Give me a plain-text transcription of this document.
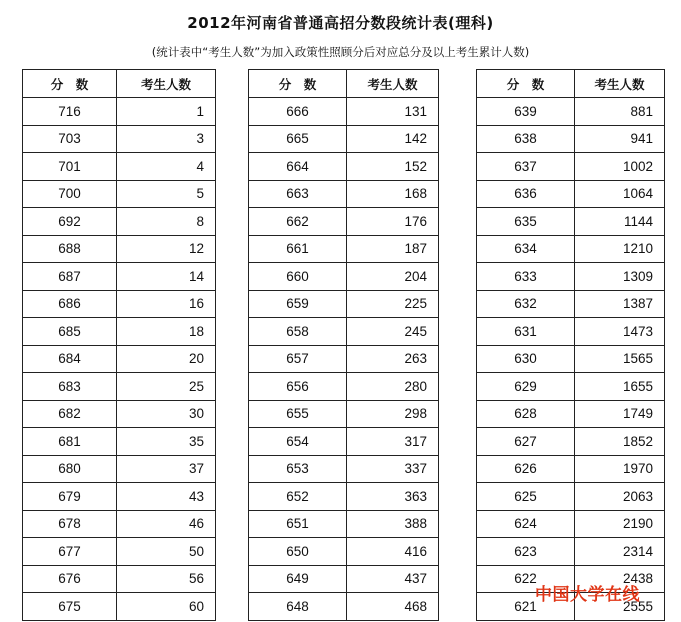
2012年河南省普通高招分数段统计表(理科)
(统计表中“考生人数”为加入政策性照顾分后对应总分及以上考生累计人数)
分　数	考生人数
716	1
703	3
701	4
700	5
692	8
688	12
687	14
686	16
685	18
684	20
683	25
682	30
681	35
680	37
679	43
678	46
677	50
676	56
675	60
分　数	考生人数
666	131
665	142
664	152
663	168
662	176
661	187
660	204
659	225
658	245
657	263
656	280
655	298
654	317
653	337
652	363
651	388
650	416
649	437
648	468
分　数	考生人数
639	881
638	941
637	1002
636	1064
635	1144
634	1210
633	1309
632	1387
631	1473
630	1565
629	1655
628	1749
627	1852
626	1970
625	2063
624	2190
623	2314
622	2438
621	2555
中国大学在线
